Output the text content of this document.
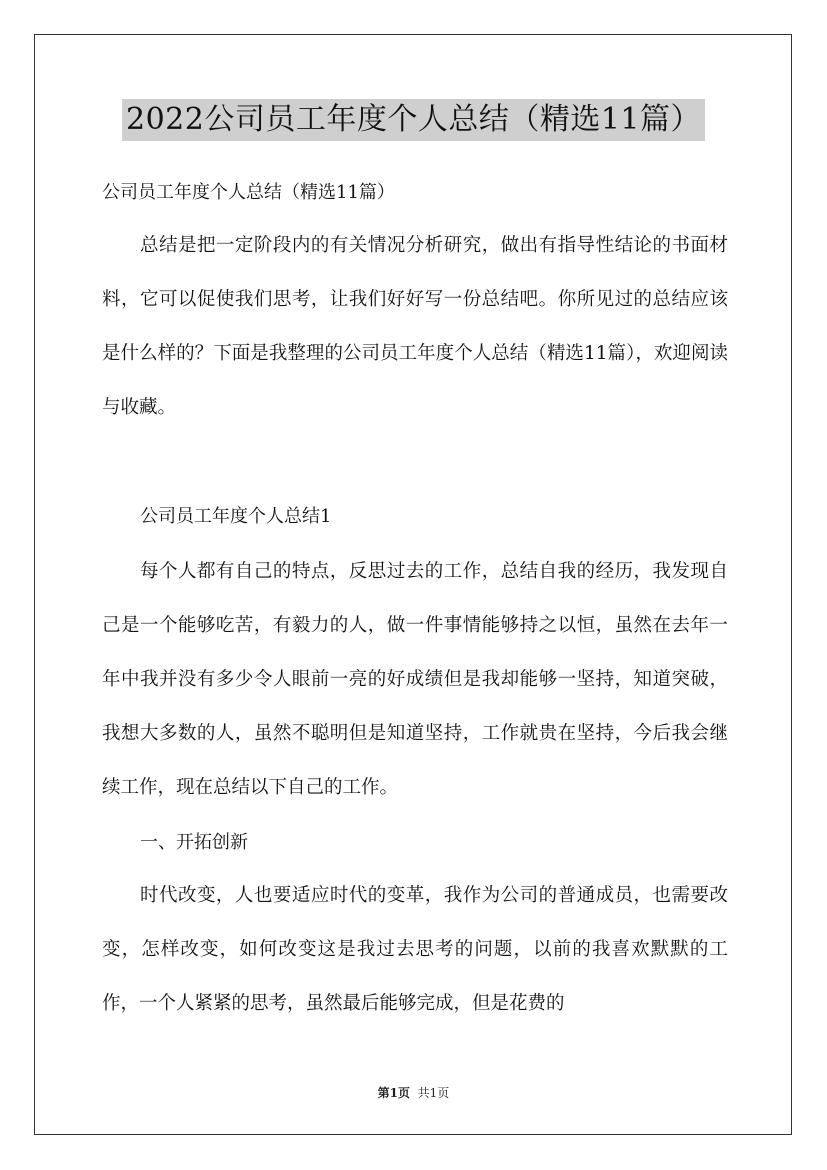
2022公司员工年度个人总结（精选11篇）
公司员工年度个人总结（精选11篇）

总结是把一定阶段内的有关情况分析研究，做出有指导性结论的书面材料，它可以促使我们思考，让我们好好写一份总结吧。你所见过的总结应该是什么样的？下面是我整理的公司员工年度个人总结（精选11篇），欢迎阅读与收藏。

公司员工年度个人总结1

每个人都有自己的特点，反思过去的工作，总结自我的经历，我发现自己是一个能够吃苦，有毅力的人，做一件事情能够持之以恒，虽然在去年一年中我并没有多少令人眼前一亮的好成绩但是我却能够一坚持，知道突破，我想大多数的人，虽然不聪明但是知道坚持，工作就贵在坚持，今后我会继续工作，现在总结以下自己的工作。

一、开拓创新

时代改变，人也要适应时代的变革，我作为公司的普通成员，也需要改变，怎样改变，如何改变这是我过去思考的问题，以前的我喜欢默默的工作，一个人紧紧的思考，虽然最后能够完成，但是花费的

第1页 共1页
